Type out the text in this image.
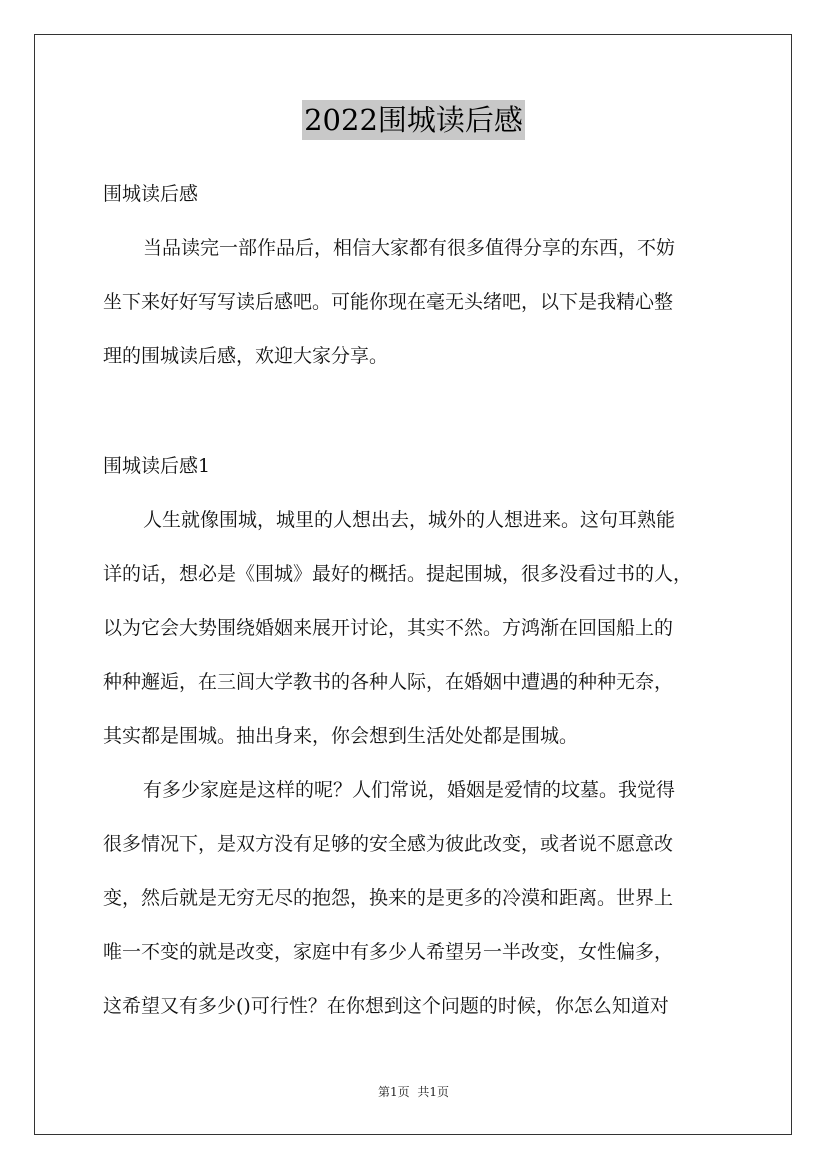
2022围城读后感
围城读后感
当品读完一部作品后，相信大家都有很多值得分享的东西，不妨
坐下来好好写写读后感吧。可能你现在毫无头绪吧，以下是我精心整
理的围城读后感，欢迎大家分享。
围城读后感1
人生就像围城，城里的人想出去，城外的人想进来。这句耳熟能
详的话，想必是《围城》最好的概括。提起围城，很多没看过书的人，
以为它会大势围绕婚姻来展开讨论，其实不然。方鸿渐在回国船上的
种种邂逅，在三闾大学教书的各种人际，在婚姻中遭遇的种种无奈，
其实都是围城。抽出身来，你会想到生活处处都是围城。
有多少家庭是这样的呢？人们常说，婚姻是爱情的坟墓。我觉得
很多情况下，是双方没有足够的安全感为彼此改变，或者说不愿意改
变，然后就是无穷无尽的抱怨，换来的是更多的冷漠和距离。世界上
唯一不变的就是改变，家庭中有多少人希望另一半改变，女性偏多，
这希望又有多少()可行性？在你想到这个问题的时候，你怎么知道对
第1页 共1页
